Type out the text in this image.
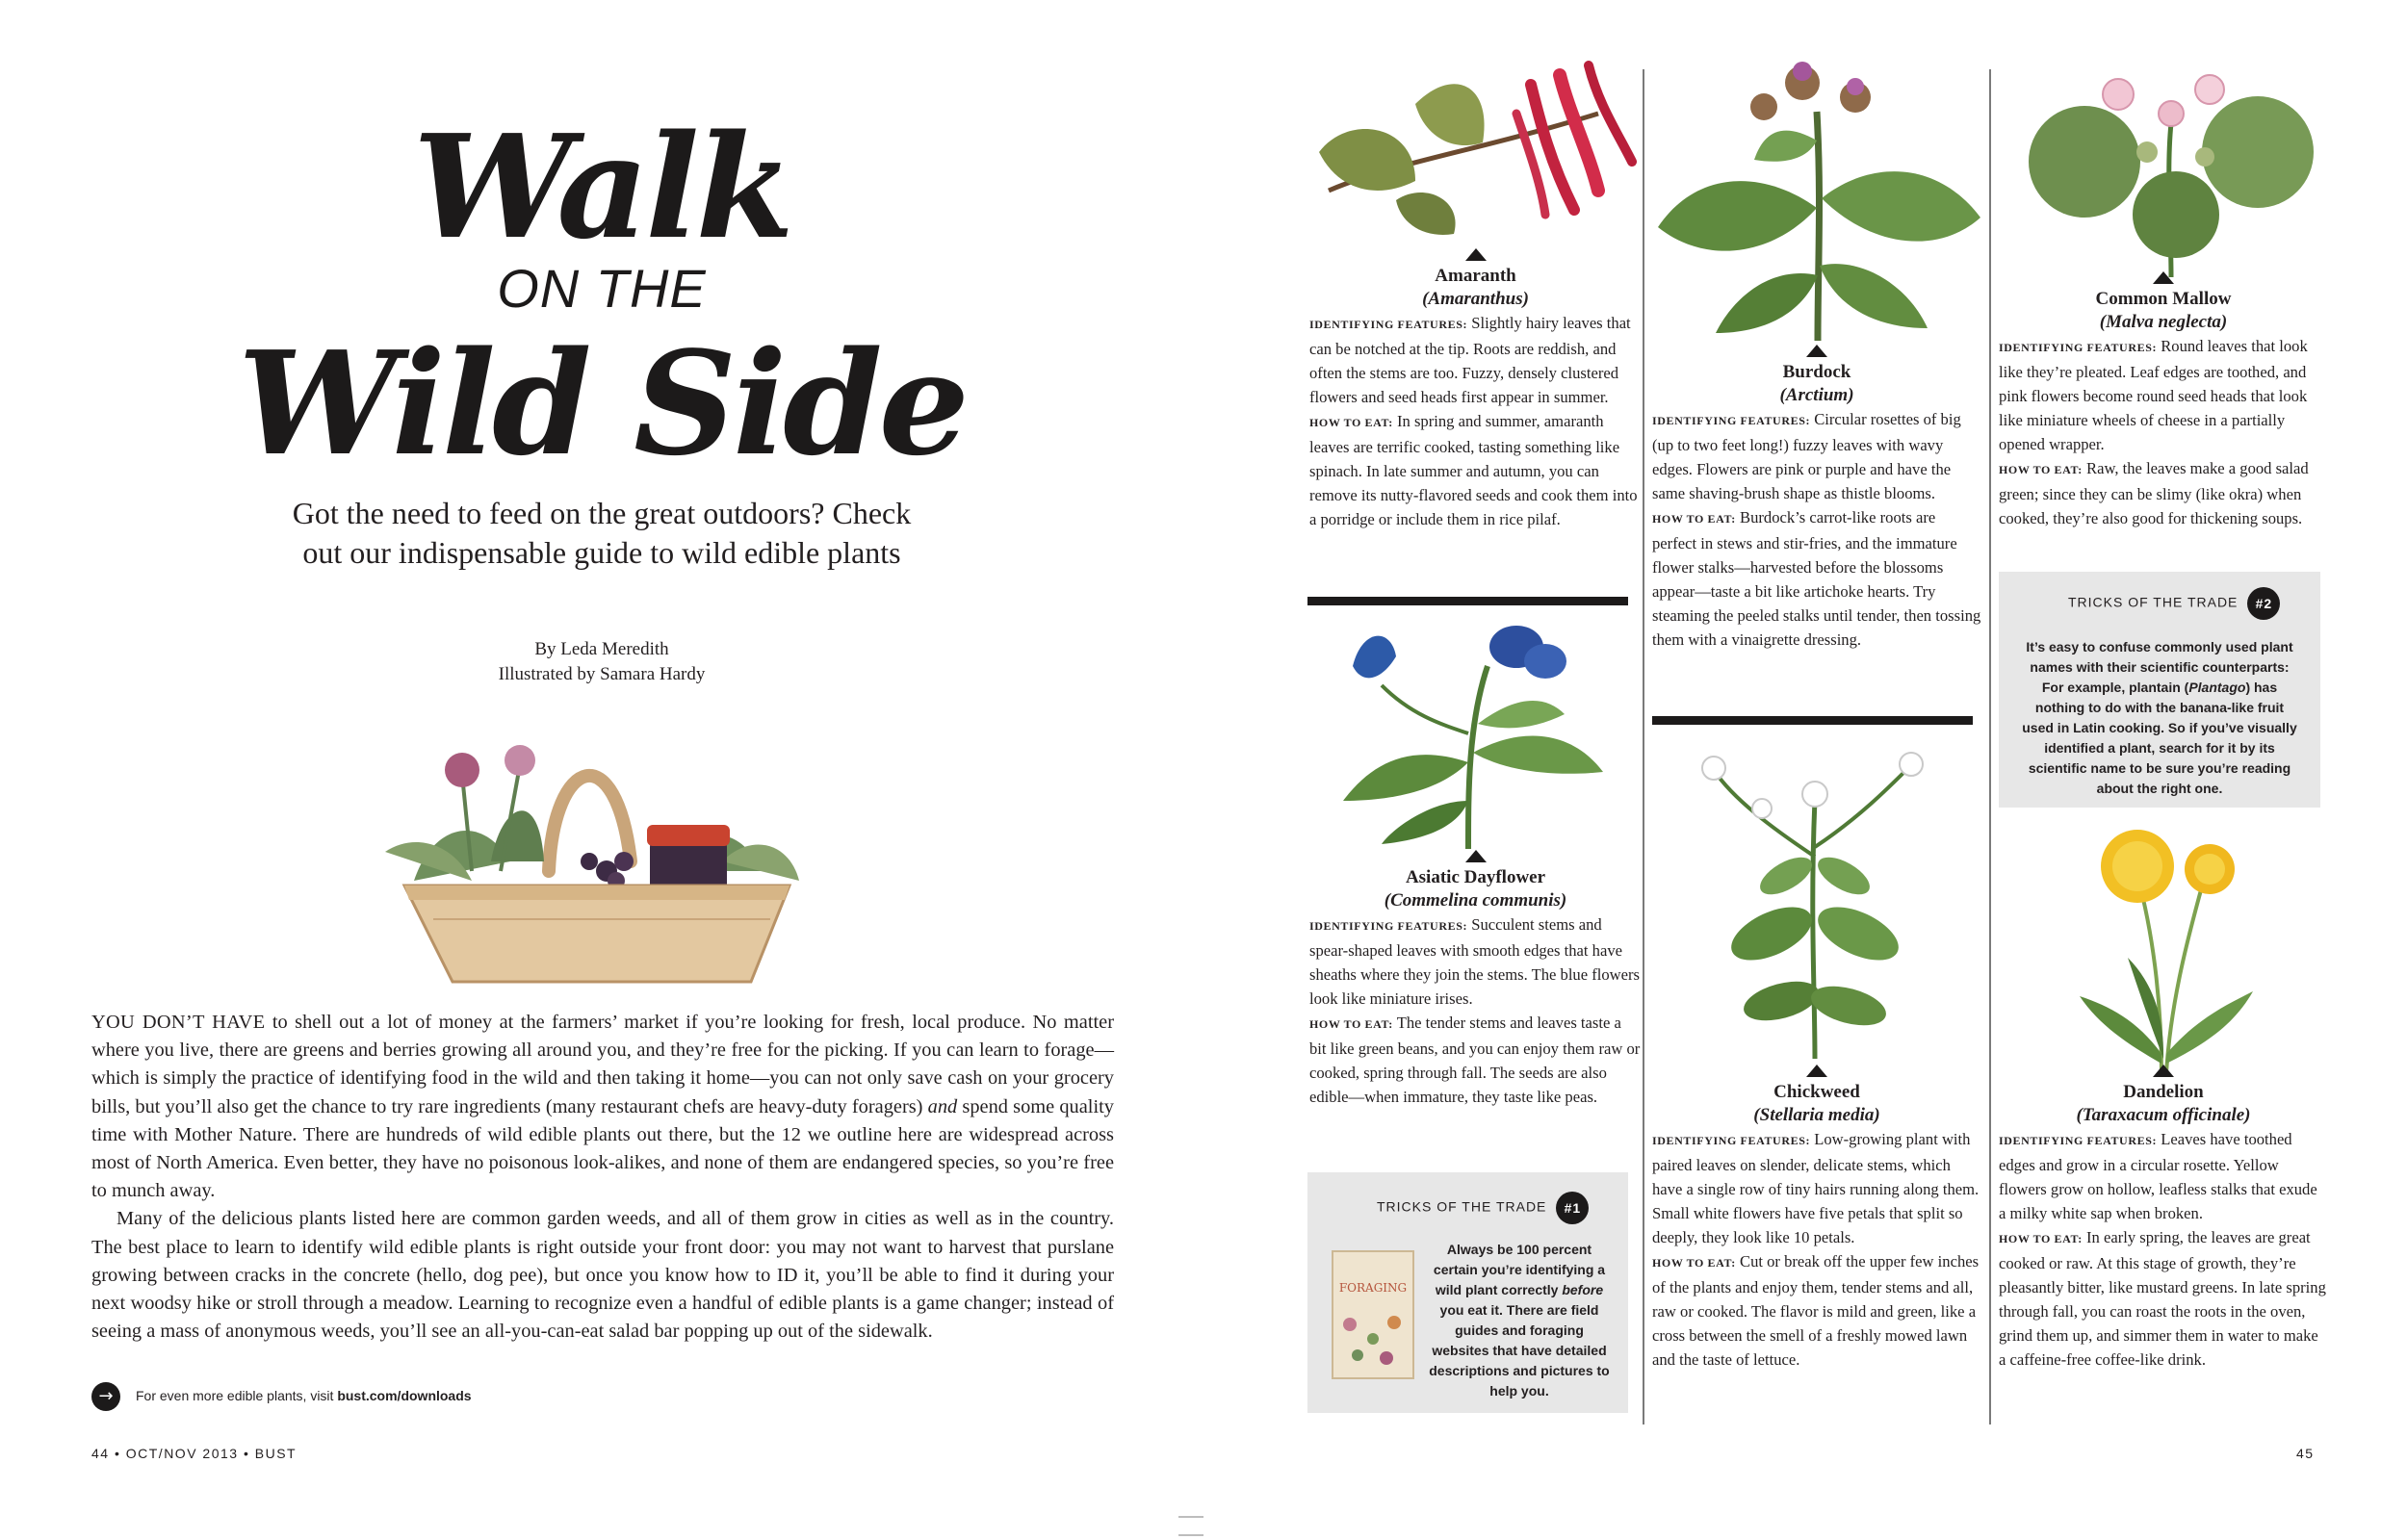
Walk
ON THE
Wild Side
Got the need to feed on the great outdoors? Check out our indispensable guide to wild edible plants
By Leda Meredith
Illustrated by Samara Hardy

YOU DON’T HAVE to shell out a lot of money at the farmers’ market if you’re looking for fresh, local produce. No matter where you live, there are greens and berries growing all around you, and they’re free for the picking. If you can learn to forage—which is simply the practice of identifying food in the wild and then taking it home—you can not only save cash on your grocery bills, but you’ll also get the chance to try rare ingredients (many restaurant chefs are heavy-duty foragers) and spend some quality time with Mother Nature. There are hundreds of wild edible plants out there, but the 12 we outline here are widespread across most of North America. Even better, they have no poisonous look-alikes, and none of them are endangered species, so you’re free to munch away.

Many of the delicious plants listed here are common garden weeds, and all of them grow in cities as well as in the country. The best place to learn to identify wild edible plants is right outside your front door: you may not want to harvest that purslane growing between cracks in the concrete (hello, dog pee), but once you know how to ID it, you’ll be able to find it during your next woodsy hike or stroll through a meadow. Learning to recognize even a handful of edible plants is a game changer; instead of seeing a mass of anonymous weeds, you’ll see an all-you-can-eat salad bar popping up out of the sidewalk.

→	For even more edible plants, visit bust.com/downloads
44 • OCT/NOV 2013 • BUST
Amaranth
(Amaranthus)

IDENTIFYING FEATURES: Slightly hairy leaves that can be notched at the tip. Roots are reddish, and often the stems are too. Fuzzy, densely clustered flowers and seed heads first appear in summer.

HOW TO EAT: In spring and summer, amaranth leaves are terrific cooked, tasting something like spinach. In late summer and autumn, you can remove its nutty-flavored seeds and cook them into a porridge or include them in rice pilaf.

Asiatic Dayflower
(Commelina communis)

IDENTIFYING FEATURES: Succulent stems and spear-shaped leaves with smooth edges that have sheaths where they join the stems. The blue flowers look like miniature irises.

HOW TO EAT: The tender stems and leaves taste a bit like green beans, and you can enjoy them raw or cooked, spring through fall. The seeds are also edible—when immature, they taste like peas.

TRICKS OF THE TRADE #1
FORAGING
Always be 100 percent certain you’re identifying a wild plant correctly before you eat it. There are field guides and foraging websites that have detailed descriptions and pictures to help you.
Burdock
(Arctium)

IDENTIFYING FEATURES: Circular rosettes of big (up to two feet long!) fuzzy leaves with wavy edges. Flowers are pink or purple and have the same shaving-brush shape as thistle blooms.

HOW TO EAT: Burdock’s carrot-like roots are perfect in stews and stir-fries, and the immature flower stalks—harvested before the blossoms appear—taste a bit like artichoke hearts. Try steaming the peeled stalks until tender, then tossing them with a vinaigrette dressing.

Chickweed
(Stellaria media)

IDENTIFYING FEATURES: Low-growing plant with paired leaves on slender, delicate stems, which have a single row of tiny hairs running along them. Small white flowers have five petals that split so deeply, they look like 10 petals.

HOW TO EAT: Cut or break off the upper few inches of the plants and enjoy them, tender stems and all, raw or cooked. The flavor is mild and green, like a cross between the smell of a freshly mowed lawn and the taste of lettuce.

Common Mallow
(Malva neglecta)

IDENTIFYING FEATURES: Round leaves that look like they’re pleated. Leaf edges are toothed, and pink flowers become round seed heads that look like miniature wheels of cheese in a partially opened wrapper.

HOW TO EAT: Raw, the leaves make a good salad green; since they can be slimy (like okra) when cooked, they’re also good for thickening soups.

TRICKS OF THE TRADE #2
It’s easy to confuse commonly used plant names with their scientific counterparts: For example, plantain (Plantago) has nothing to do with the banana-like fruit used in Latin cooking. So if you’ve visually identified a plant, search for it by its scientific name to be sure you’re reading about the right one.
Dandelion
(Taraxacum officinale)

IDENTIFYING FEATURES: Leaves have toothed edges and grow in a circular rosette. Yellow flowers grow on hollow, leafless stalks that exude a milky white sap when broken.

HOW TO EAT: In early spring, the leaves are great cooked or raw. At this stage of growth, they’re pleasantly bitter, like mustard greens. In late spring through fall, you can roast the roots in the oven, grind them up, and simmer them in water to make a caffeine-free coffee-like drink.

45
